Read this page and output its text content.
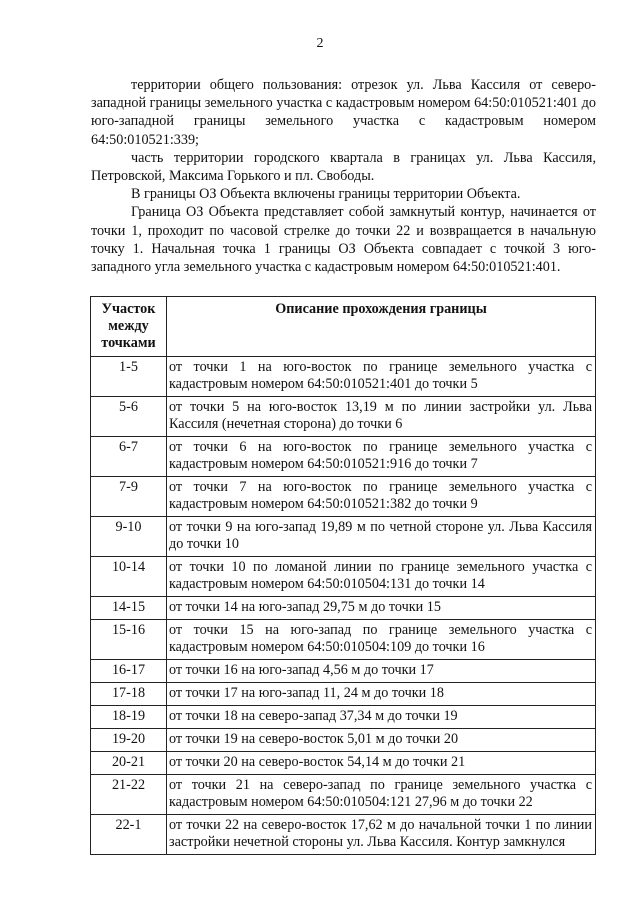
2

территории общего пользования: отрезок ул. Льва Кассиля от северо-западной границы земельного участка с кадастровым номером 64:50:010521:401 до юго-западной границы земельного участка с кадастровым номером 64:50:010521:339;

часть территории городского квартала в границах ул. Льва Кассиля, Петровской, Максима Горького и пл. Свободы.

В границы ОЗ Объекта включены границы территории Объекта.

Граница ОЗ Объекта представляет собой замкнутый контур, начинается от точки 1, проходит по часовой стрелке до точки 22 и возвращается в начальную точку 1. Начальная точка 1 границы ОЗ Объекта совпадает с точкой 3 юго-западного угла земельного участка с кадастровым номером 64:50:010521:401.

Участок между точками	Описание прохождения границы
1-5	от точки 1 на юго-восток по границе земельного участка с кадастровым номером 64:50:010521:401 до точки 5
5-6	от точки 5 на юго-восток 13,19 м по линии застройки ул. Льва Кассиля (нечетная сторона) до точки 6
6-7	от точки 6 на юго-восток по границе земельного участка с кадастровым номером 64:50:010521:916 до точки 7
7-9	от точки 7 на юго-восток по границе земельного участка с кадастровым номером 64:50:010521:382 до точки 9
9-10	от точки 9 на юго-запад 19,89 м по четной стороне ул. Льва Кассиля до точки 10
10-14	от точки 10 по ломаной линии по границе земельного участка с кадастровым номером 64:50:010504:131 до точки 14
14-15	от точки 14 на юго-запад 29,75 м до точки 15
15-16	от точки 15 на юго-запад по границе земельного участка с кадастровым номером 64:50:010504:109 до точки 16
16-17	от точки 16 на юго-запад 4,56 м до точки 17
17-18	от точки 17 на юго-запад 11, 24 м до точки 18
18-19	от точки 18 на северо-запад 37,34 м до точки 19
19-20	от точки 19 на северо-восток 5,01 м до точки 20
20-21	от точки 20 на северо-восток 54,14 м до точки 21
21-22	от точки 21 на северо-запад по границе земельного участка с кадастровым номером 64:50:010504:121 27,96 м до точки 22
22-1	от точки 22 на северо-восток 17,62 м до начальной точки 1 по линии застройки нечетной стороны ул. Льва Кассиля. Контур замкнулся
